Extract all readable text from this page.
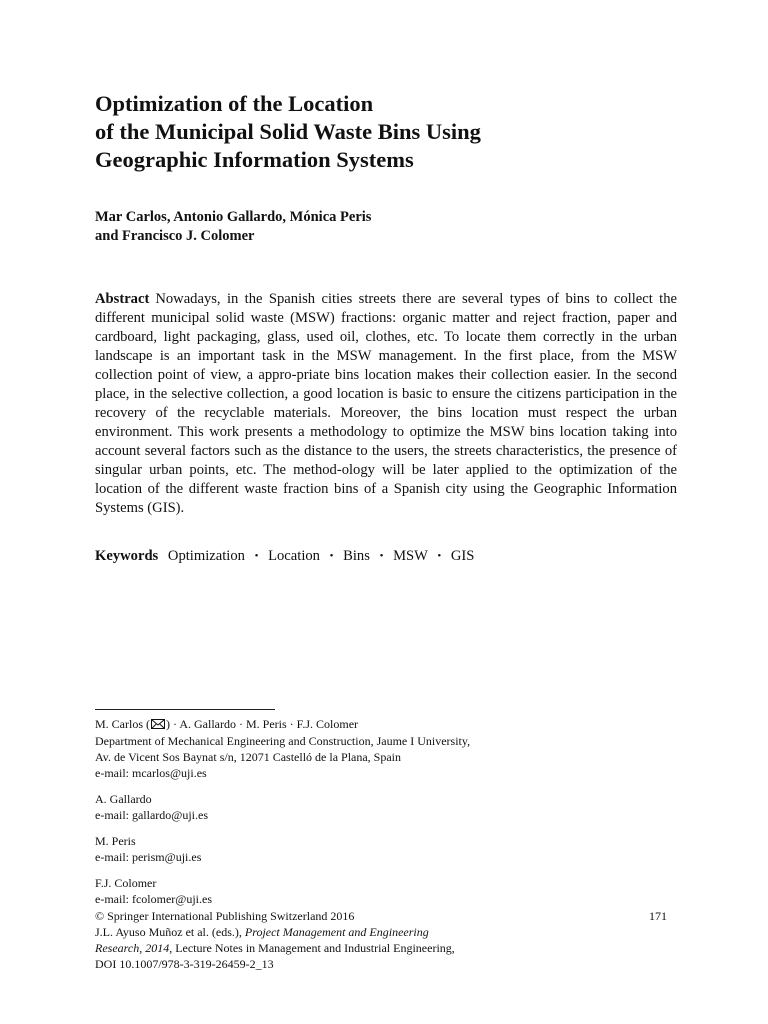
Optimization of the Location
of the Municipal Solid Waste Bins Using
Geographic Information Systems
Mar Carlos, Antonio Gallardo, Mónica Peris
and Francisco J. Colomer

Abstract Nowadays, in the Spanish cities streets there are several types of bins to collect the different municipal solid waste (MSW) fractions: organic matter and reject fraction, paper and cardboard, light packaging, glass, used oil, clothes, etc. To locate them correctly in the urban landscape is an important task in the MSW management. In the first place, from the MSW collection point of view, a appro-priate bins location makes their collection easier. In the second place, in the selective collection, a good location is basic to ensure the citizens participation in the recovery of the recyclable materials. Moreover, the bins location must respect the urban environment. This work presents a methodology to optimize the MSW bins location taking into account several factors such as the distance to the users, the streets characteristics, the presence of singular urban points, etc. The method-ology will be later applied to the optimization of the location of the different waste fraction bins of a Spanish city using the Geographic Information Systems (GIS).

Keywords Optimization • Location • Bins • MSW • GIS
M. Carlos ( ) · A. Gallardo · M. Peris · F.J. Colomer
Department of Mechanical Engineering and Construction, Jaume I University,
Av. de Vicent Sos Baynat s/n, 12071 Castelló de la Plana, Spain
e-mail: mcarlos@uji.es
A. Gallardo
e-mail: gallardo@uji.es
M. Peris
e-mail: perism@uji.es
F.J. Colomer
e-mail: fcolomer@uji.es
© Springer International Publishing Switzerland 2016	171
J.L. Ayuso Muñoz et al. (eds.), Project Management and Engineering
Research, 2014, Lecture Notes in Management and Industrial Engineering,
DOI 10.1007/978-3-319-26459-2_13
